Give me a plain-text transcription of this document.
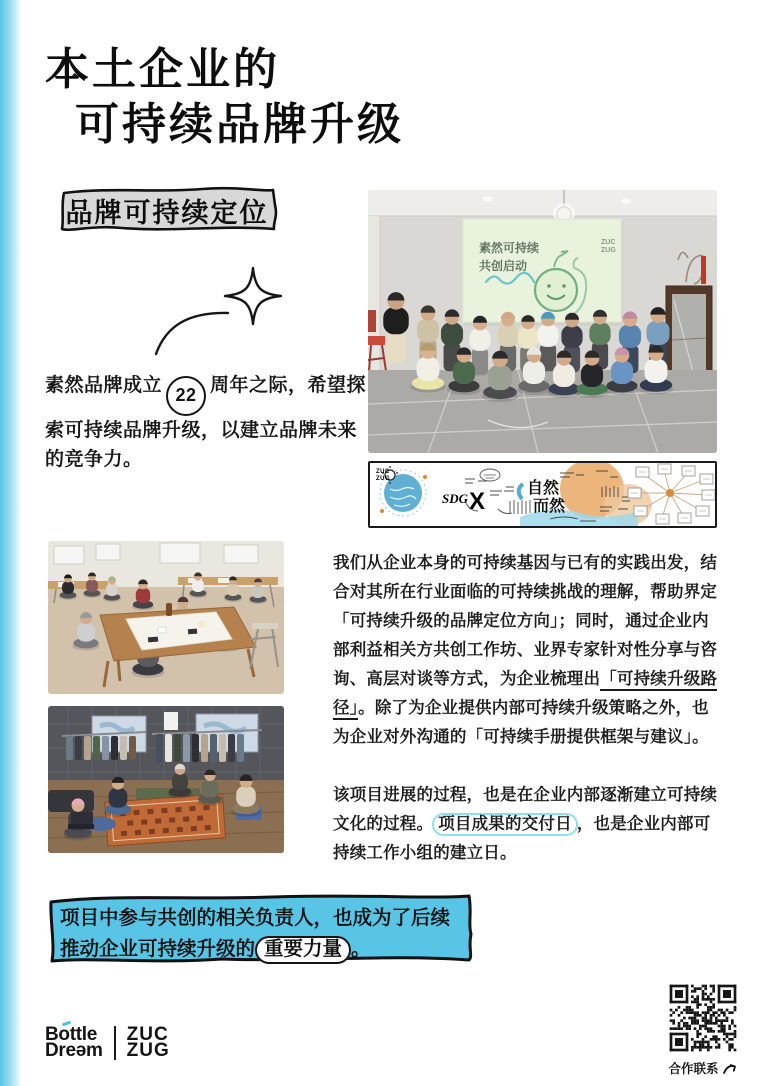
本土企业的
可持续品牌升级
品牌可持续定位

素然品牌成立 22 周年之际，希望探索可持续品牌升级，以建立品牌未来的竞争力。

素然可持续
共创启动
ZUC
ZUG
ZUC
ZUG
SDG X	自然
而然

我们从企业本身的可持续基因与已有的实践出发，结合对其所在行业面临的可持续挑战的理解，帮助界定「可持续升级的品牌定位方向」；同时，通过企业内部利益相关方共创工作坊、业界专家针对性分享与咨询、高层对谈等方式，为企业梳理出「可持续升级路径」。除了为企业提供内部可持续升级策略之外，也为企业对外沟通的「可持续手册提供框架与建议」。

该项目进展的过程，也是在企业内部逐渐建立可持续文化的过程。 项目成果的交付日 ，也是企业内部可持续工作小组的建立日。

项目中参与共创的相关负责人，也成为了后续推动企业可持续升级的 重要力量 。
Bottle
Dreəm
ZUC
ZUG
合作联系
